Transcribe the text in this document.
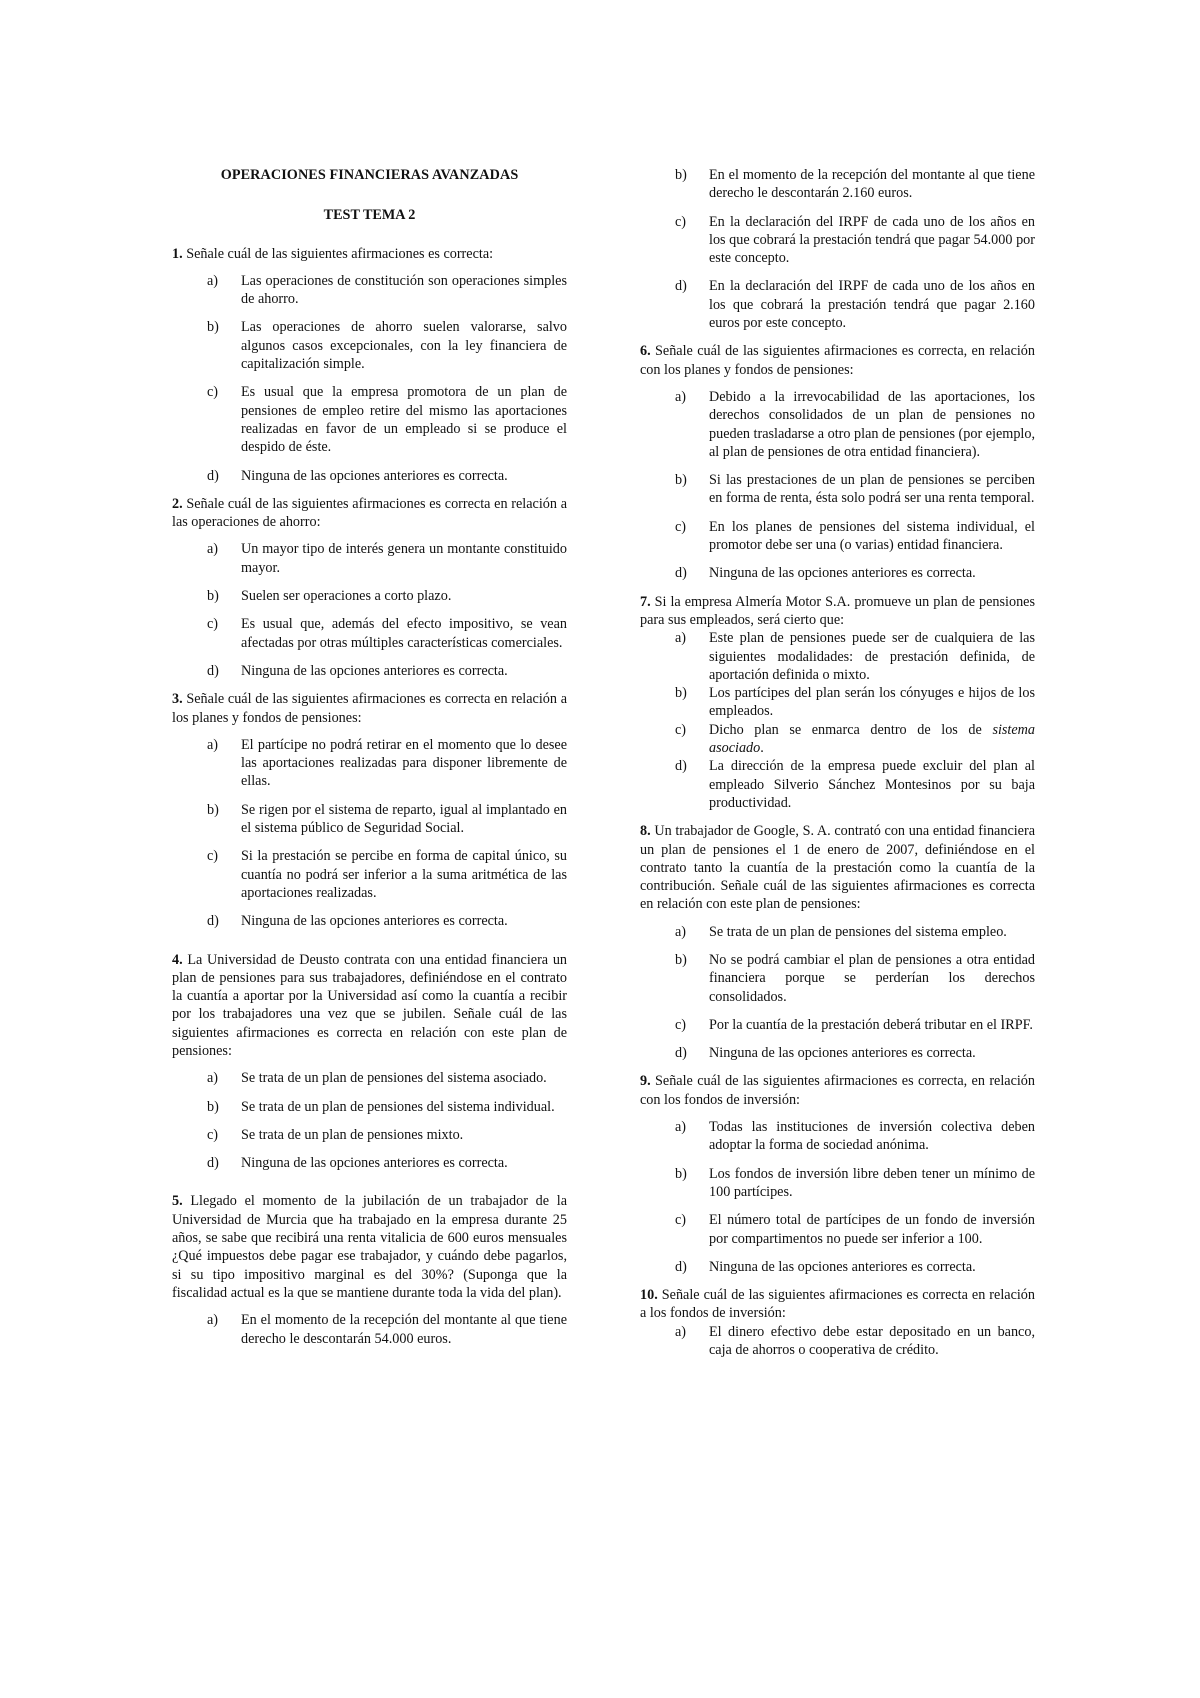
OPERACIONES FINANCIERAS AVANZADAS
TEST TEMA 2
1. Señale cuál de las siguientes afirmaciones es correcta:
a)	Las operaciones de constitución son operaciones simples de ahorro.
b)	Las operaciones de ahorro suelen valorarse, salvo algunos casos excepcionales, con la ley financiera de capitalización simple.
c)	Es usual que la empresa promotora de un plan de pensiones de empleo retire del mismo las aportaciones realizadas en favor de un empleado si se produce el despido de éste.
d)	Ninguna de las opciones anteriores es correcta.
2. Señale cuál de las siguientes afirmaciones es correcta en relación a las operaciones de ahorro:
a)	Un mayor tipo de interés genera un montante constituido mayor.
b)	Suelen ser operaciones a corto plazo.
c)	Es usual que, además del efecto impositivo, se vean afectadas por otras múltiples características comerciales.
d)	Ninguna de las opciones anteriores es correcta.
3. Señale cuál de las siguientes afirmaciones es correcta en relación a los planes y fondos de pensiones:
a)	El partícipe no podrá retirar en el momento que lo desee las aportaciones realizadas para disponer libremente de ellas.
b)	Se rigen por el sistema de reparto, igual al implantado en el sistema público de Seguridad Social.
c)	Si la prestación se percibe en forma de capital único, su cuantía no podrá ser inferior a la suma aritmética de las aportaciones realizadas.
d)	Ninguna de las opciones anteriores es correcta.
4. La Universidad de Deusto contrata con una entidad financiera un plan de pensiones para sus trabajadores, definiéndose en el contrato la cuantía a aportar por la Universidad así como la cuantía a recibir por los trabajadores una vez que se jubilen. Señale cuál de las siguientes afirmaciones es correcta en relación con este plan de pensiones:
a)	Se trata de un plan de pensiones del sistema asociado.
b)	Se trata de un plan de pensiones del sistema individual.
c)	Se trata de un plan de pensiones mixto.
d)	Ninguna de las opciones anteriores es correcta.
5. Llegado el momento de la jubilación de un trabajador de la Universidad de Murcia que ha trabajado en la empresa durante 25 años, se sabe que recibirá una renta vitalicia de 600 euros mensuales ¿Qué impuestos debe pagar ese trabajador, y cuándo debe pagarlos, si su tipo impositivo marginal es del 30%? (Suponga que la fiscalidad actual es la que se mantiene durante toda la vida del plan).
a)	En el momento de la recepción del montante al que tiene derecho le descontarán 54.000 euros.
b)	En el momento de la recepción del montante al que tiene derecho le descontarán 2.160 euros.
c)	En la declaración del IRPF de cada uno de los años en los que cobrará la prestación tendrá que pagar 54.000 por este concepto.
d)	En la declaración del IRPF de cada uno de los años en los que cobrará la prestación tendrá que pagar 2.160 euros por este concepto.
6. Señale cuál de las siguientes afirmaciones es correcta, en relación con los planes y fondos de pensiones:
a)	Debido a la irrevocabilidad de las aportaciones, los derechos consolidados de un plan de pensiones no pueden trasladarse a otro plan de pensiones (por ejemplo, al plan de pensiones de otra entidad financiera).
b)	Si las prestaciones de un plan de pensiones se perciben en forma de renta, ésta solo podrá ser una renta temporal.
c)	En los planes de pensiones del sistema individual, el promotor debe ser una (o varias) entidad financiera.
d)	Ninguna de las opciones anteriores es correcta.
7. Si la empresa Almería Motor S.A. promueve un plan de pensiones para sus empleados, será cierto que:
a)	Este plan de pensiones puede ser de cualquiera de las siguientes modalidades: de prestación definida, de aportación definida o mixto.
b)	Los partícipes del plan serán los cónyuges e hijos de los empleados.
c)	Dicho plan se enmarca dentro de los de sistema asociado.
d)	La dirección de la empresa puede excluir del plan al empleado Silverio Sánchez Montesinos por su baja productividad.
8. Un trabajador de Google, S. A. contrató con una entidad financiera un plan de pensiones el 1 de enero de 2007, definiéndose en el contrato tanto la cuantía de la prestación como la cuantía de la contribución. Señale cuál de las siguientes afirmaciones es correcta en relación con este plan de pensiones:
a)	Se trata de un plan de pensiones del sistema empleo.
b)	No se podrá cambiar el plan de pensiones a otra entidad financiera porque se perderían los derechos consolidados.
c)	Por la cuantía de la prestación deberá tributar en el IRPF.
d)	Ninguna de las opciones anteriores es correcta.
9. Señale cuál de las siguientes afirmaciones es correcta, en relación con los fondos de inversión:
a)	Todas las instituciones de inversión colectiva deben adoptar la forma de sociedad anónima.
b)	Los fondos de inversión libre deben tener un mínimo de 100 partícipes.
c)	El número total de partícipes de un fondo de inversión por compartimentos no puede ser inferior a 100.
d)	Ninguna de las opciones anteriores es correcta.
10. Señale cuál de las siguientes afirmaciones es correcta en relación a los fondos de inversión:
a)	El dinero efectivo debe estar depositado en un banco, caja de ahorros o cooperativa de crédito.
